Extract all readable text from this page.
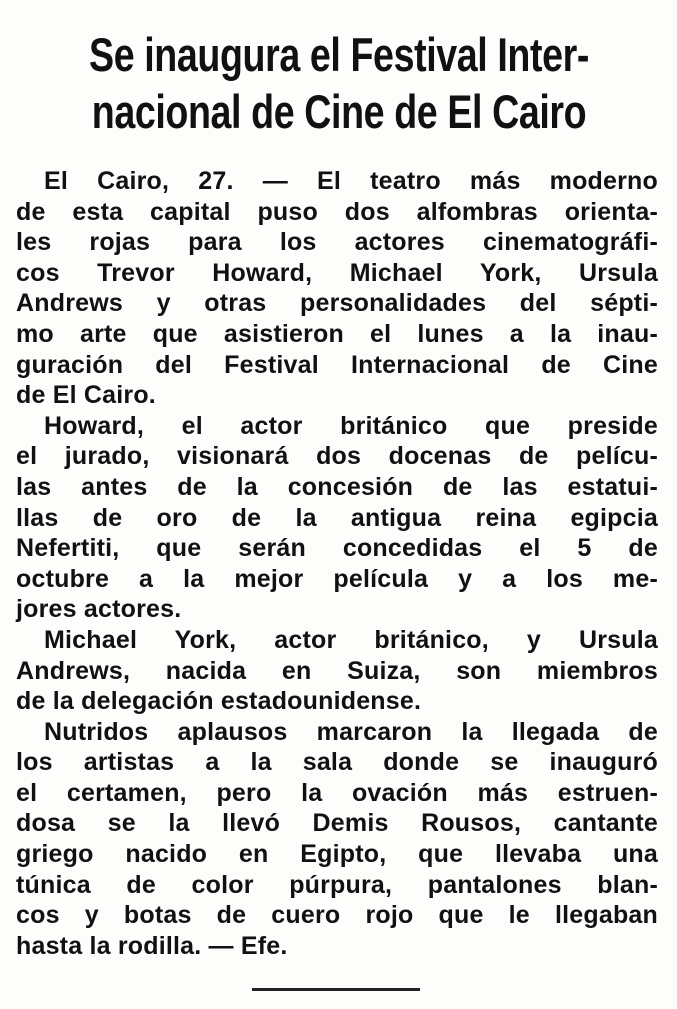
Se inaugura el Festival Inter-
nacional de Cine de El Cairo
El Cairo, 27. — El teatro más moderno
de esta capital puso dos alfombras orienta-
les rojas para los actores cinematográfi-
cos Trevor Howard, Michael York, Ursula
Andrews y otras personalidades del sépti-
mo arte que asistieron el lunes a la inau-
guración del Festival Internacional de Cine
de El Cairo.
Howard, el actor británico que preside
el jurado, visionará dos docenas de pelícu-
las antes de la concesión de las estatui-
llas de oro de la antigua reina egipcia
Nefertiti, que serán concedidas el 5 de
octubre a la mejor película y a los me-
jores actores.
Michael York, actor británico, y Ursula
Andrews, nacida en Suiza, son miembros
de la delegación estadounidense.
Nutridos aplausos marcaron la llegada de
los artistas a la sala donde se inauguró
el certamen, pero la ovación más estruen-
dosa se la llevó Demis Rousos, cantante
griego nacido en Egipto, que llevaba una
túnica de color púrpura, pantalones blan-
cos y botas de cuero rojo que le llegaban
hasta la rodilla. — Efe.
